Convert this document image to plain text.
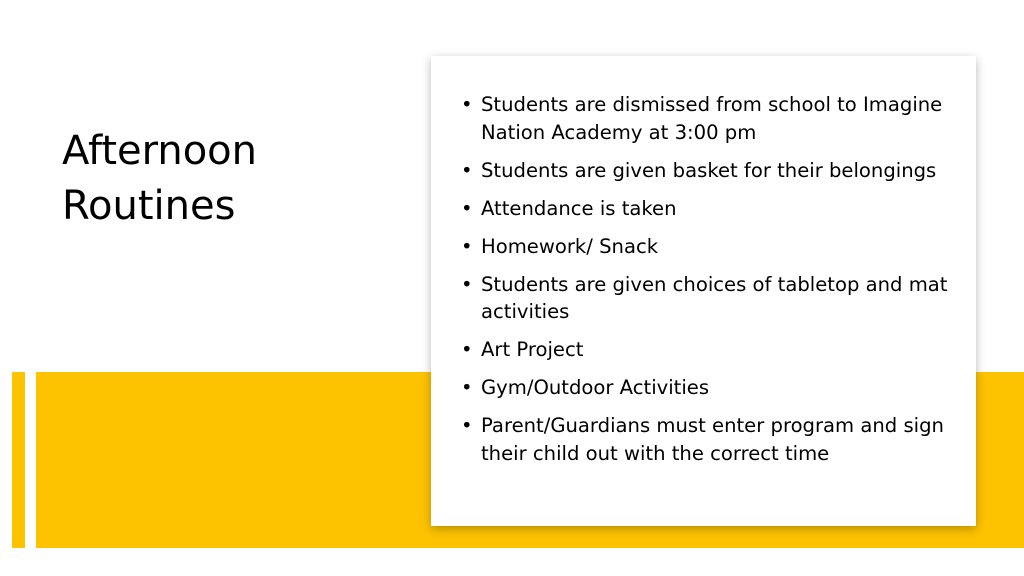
Afternoon
Routines
• Students are dismissed from school to Imagine Nation Academy at 3:00 pm
• Students are given basket for their belongings
• Attendance is taken
• Homework/ Snack
• Students are given choices of tabletop and mat activities
• Art Project
• Gym/Outdoor Activities
• Parent/Guardians must enter program and sign their child out with the correct time
